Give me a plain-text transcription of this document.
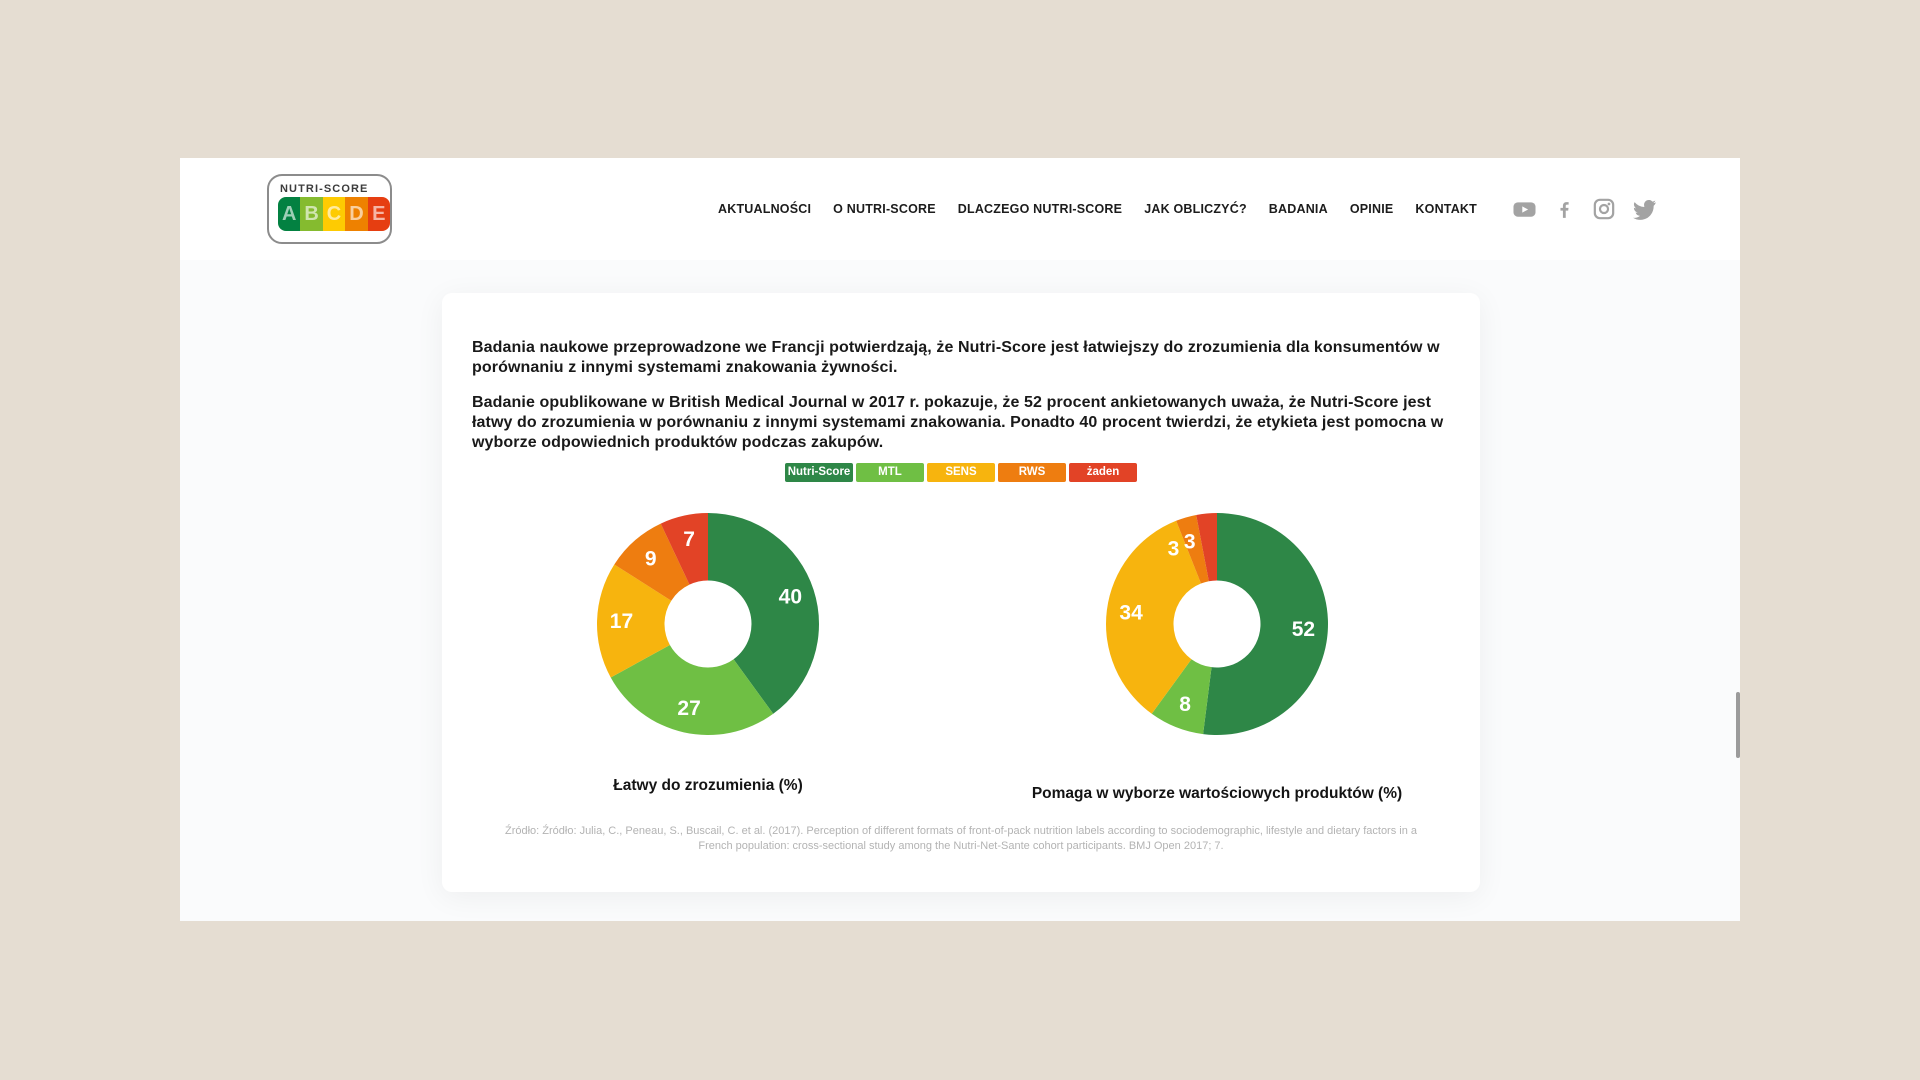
NUTRI-SCORE
A B C D E	AKTUALNOŚCI O NUTRI-SCORE DLACZEGO NUTRI-SCORE JAK OBLICZYĆ? BADANIA OPINIE KONTAKT

Badania naukowe przeprowadzone we Francji potwierdzają, że Nutri-Score jest łatwiejszy do zrozumienia dla konsumentów w porównaniu z innymi systemami znakowania żywności.

Badanie opublikowane w British Medical Journal w 2017 r. pokazuje, że 52 procent ankietowanych uważa, że Nutri-Score jest łatwy do zrozumienia w porównaniu z innymi systemami znakowania. Ponadto 40 procent twierdzi, że etykieta jest pomocna w wyborze odpowiednich produktów podczas zakupów.

Nutri-Score	MTL	SENS	RWS	żaden
40
27
17
9
7
Łatwy do zrozumienia (%)
52
8
34
3 3
Pomaga w wyborze wartościowych produktów (%)

Źródło: Źródło: Julia, C., Peneau, S., Buscail, C. et al. (2017). Perception of different formats of front-of-pack nutrition labels according to sociodemographic, lifestyle and dietary factors in a French population: cross-sectional study among the Nutri-Net-Sante cohort participants. BMJ Open 2017; 7.
